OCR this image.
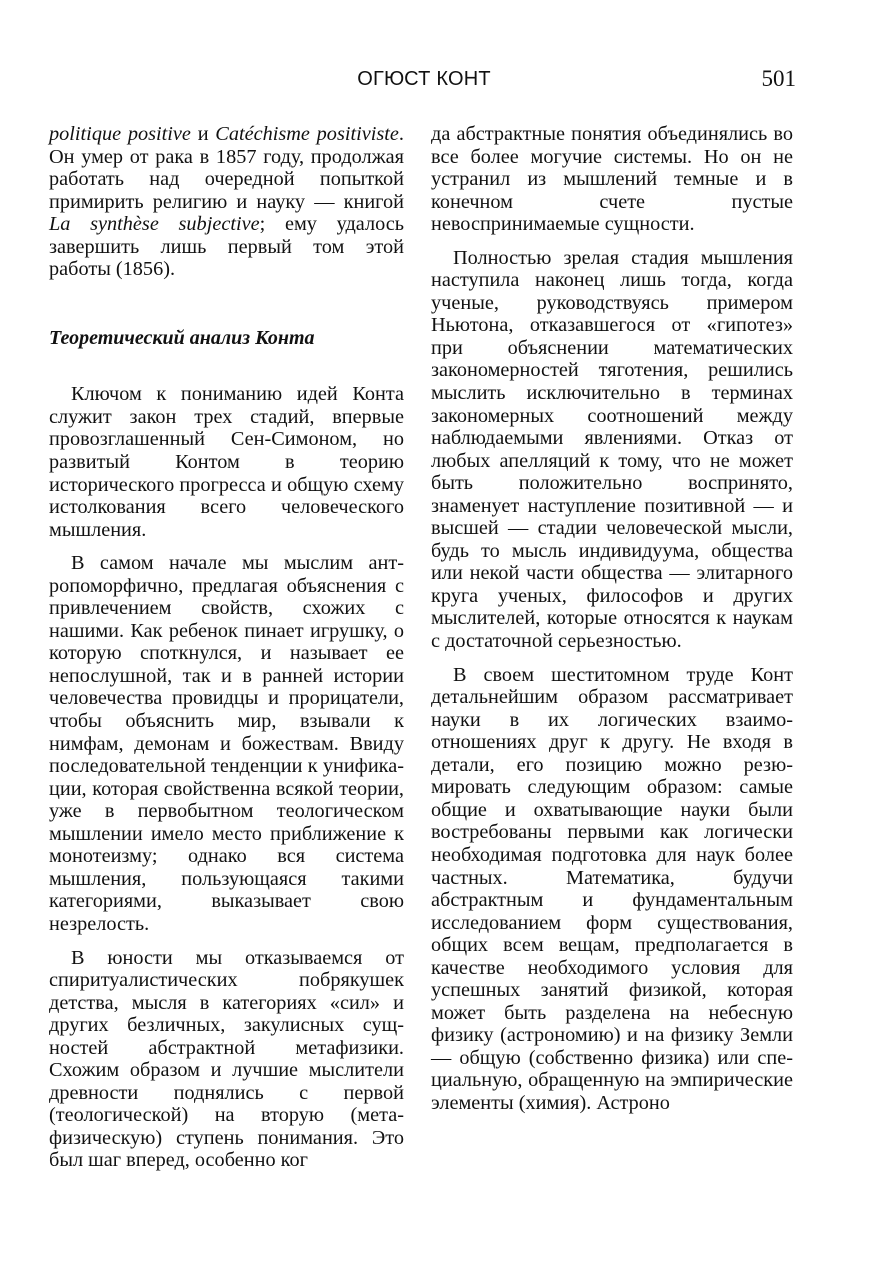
ОГЮСТ КОНТ	501

politique positive и Catéchisme positiviste. Он умер от рака в 1857 году, продолжая работать над очередной попыткой примирить религию и науку — книгой La synthèse subjective; ему удалось завершить лишь первый том этой работы (1856).

Теоретический анализ Конта

Ключом к пониманию идей Конта служит закон трех стадий, впервые провозглашенный Сен-Симоном, но развитый Контом в теорию исторического прогресса и общую схему истолкования всего человеческого мышления.

В самом начале мы мыслим антропоморфично, предлагая объяснения с привлечением свойств, схожих с нашими. Как ребенок пинает игрушку, о которую споткнулся, и называет ее непослушной, так и в ранней истории человечества провидцы и прорицатели, чтобы объяснить мир, взывали к нимфам, демонам и божествам. Ввиду последовательной тенденции к унификации, которая свойственна всякой теории, уже в первобытном теологическом мышлении имело место приближение к монотеизму; однако вся система мышления, пользующаяся такими категориями, выказывает свою незрелость.

В юности мы отказываемся от спиритуалистических побрякушек детства, мысля в категориях «сил» и других безличных, закулисных сущностей абстрактной метафизики. Схожим образом и лучшие мыслители древности поднялись с первой (теологической) на вторую (метафизическую) ступень понимания. Это был шаг вперед, особенно ког

да абстрактные понятия объединялись во все более могучие системы. Но он не устранил из мышлений темные и в конечном счете пустые невоспринимаемые сущности.

Полностью зрелая стадия мышления наступила наконец лишь тогда, когда ученые, руководствуясь примером Ньютона, отказавшегося от «гипотез» при объяснении математических закономерностей тяготения, решились мыслить исключительно в терминах закономерных соотношений между наблюдаемыми явлениями. Отказ от любых апелляций к тому, что не может быть положительно воспринято, знаменует наступление позитивной — и высшей — стадии человеческой мысли, будь то мысль индивидуума, общества или некой части общества — элитарного круга ученых, философов и других мыслителей, которые относятся к наукам с достаточной серьезностью.

В своем шеститомном труде Конт детальнейшим образом рассматривает науки в их логических взаимоотношениях друг к другу. Не входя в детали, его позицию можно резюмировать следующим образом: самые общие и охватывающие науки были востребованы первыми как логически необходимая подготовка для наук более частных. Математика, будучи абстрактным и фундаментальным исследованием форм существования, общих всем вещам, предполагается в качестве необходимого условия для успешных занятий физикой, которая может быть разделена на небесную физику (астрономию) и на физику Земли — общую (собственно физика) или специальную, обращенную на эмпирические элементы (химия). Астроно
